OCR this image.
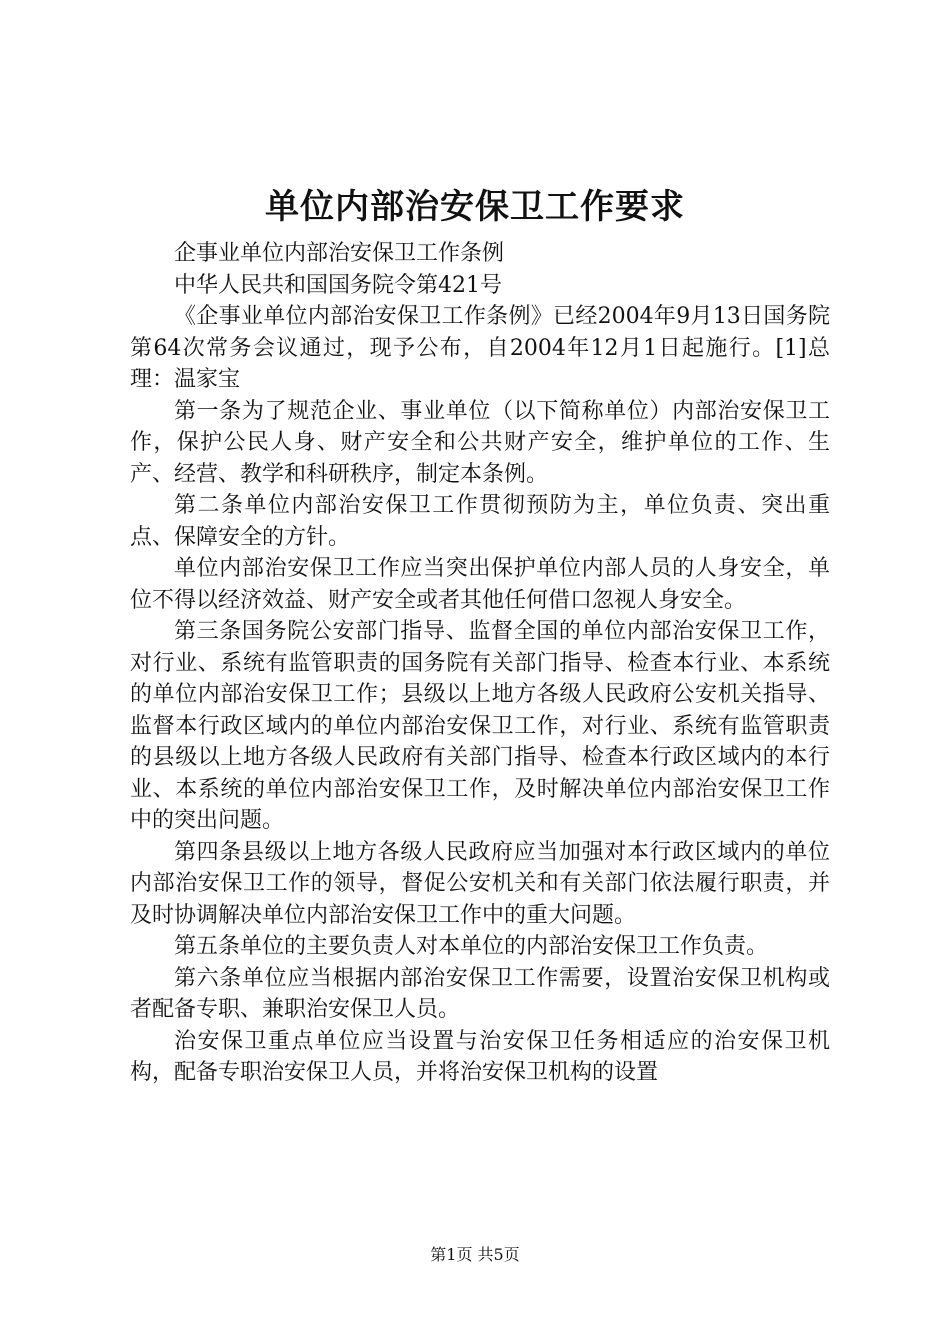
单位内部治安保卫工作要求

企事业单位内部治安保卫工作条例

中华人民共和国国务院令第421号

《企事业单位内部治安保卫工作条例》已经2004年9月13日国务院第64次常务会议通过，现予公布，自2004年12月1日起施行。[1]总理：温家宝

第一条为了规范企业、事业单位（以下简称单位）内部治安保卫工作，保护公民人身、财产安全和公共财产安全，维护单位的工作、生产、经营、教学和科研秩序，制定本条例。

第二条单位内部治安保卫工作贯彻预防为主，单位负责、突出重点、保障安全的方针。

单位内部治安保卫工作应当突出保护单位内部人员的人身安全，单位不得以经济效益、财产安全或者其他任何借口忽视人身安全。

第三条国务院公安部门指导、监督全国的单位内部治安保卫工作，对行业、系统有监管职责的国务院有关部门指导、检查本行业、本系统的单位内部治安保卫工作；县级以上地方各级人民政府公安机关指导、监督本行政区域内的单位内部治安保卫工作，对行业、系统有监管职责的县级以上地方各级人民政府有关部门指导、检查本行政区域内的本行业、本系统的单位内部治安保卫工作，及时解决单位内部治安保卫工作中的突出问题。

第四条县级以上地方各级人民政府应当加强对本行政区域内的单位内部治安保卫工作的领导，督促公安机关和有关部门依法履行职责，并及时协调解决单位内部治安保卫工作中的重大问题。

第五条单位的主要负责人对本单位的内部治安保卫工作负责。

第六条单位应当根据内部治安保卫工作需要，设置治安保卫机构或者配备专职、兼职治安保卫人员。

治安保卫重点单位应当设置与治安保卫任务相适应的治安保卫机构，配备专职治安保卫人员，并将治安保卫机构的设置

第1页 共5页
